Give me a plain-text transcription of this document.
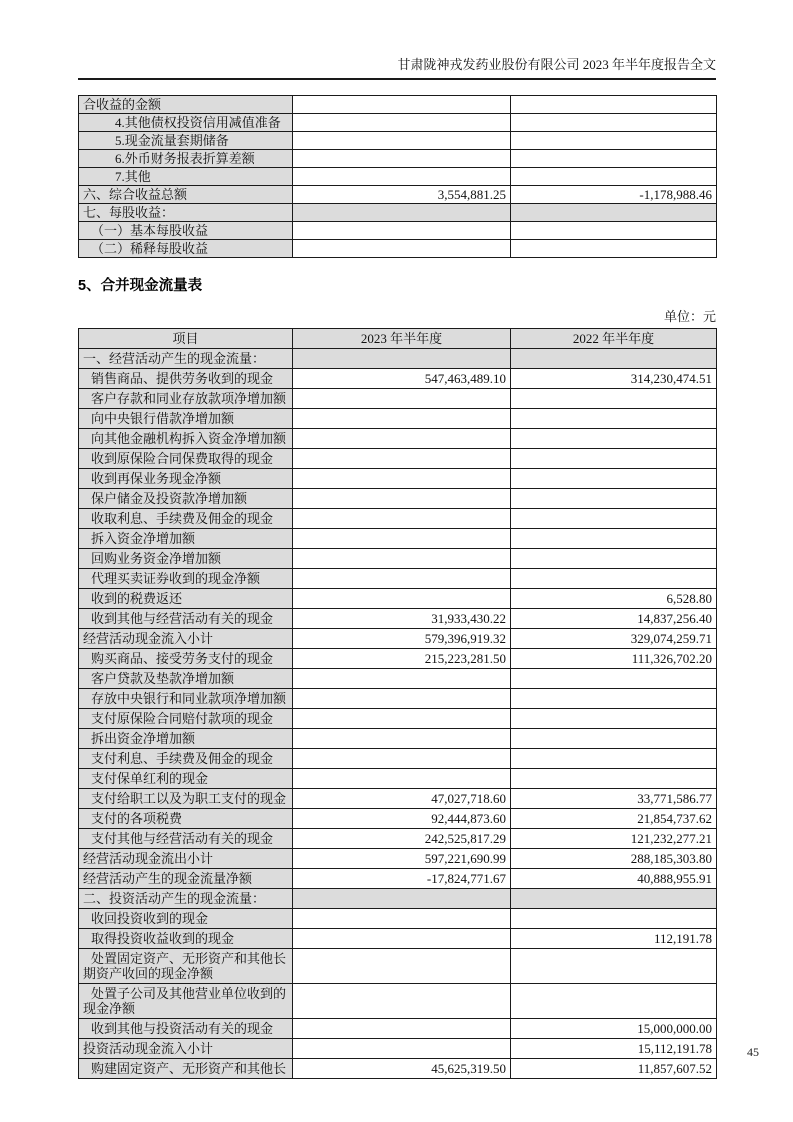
甘肃陇神戎发药业股份有限公司 2023 年半年度报告全文
合收益的金额		
4.其他债权投资信用减值准备		
5.现金流量套期储备		
6.外币财务报表折算差额		
7.其他		
六、综合收益总额	3,554,881.25	-1,178,988.46
七、每股收益：		
（一）基本每股收益		
（二）稀释每股收益		
5、合并现金流量表
单位：元
项目	2023 年半年度	2022 年半年度
一、经营活动产生的现金流量：		
销售商品、提供劳务收到的现金	547,463,489.10	314,230,474.51
客户存款和同业存放款项净增加额		
向中央银行借款净增加额		
向其他金融机构拆入资金净增加额		
收到原保险合同保费取得的现金		
收到再保业务现金净额		
保户储金及投资款净增加额		
收取利息、手续费及佣金的现金		
拆入资金净增加额		
回购业务资金净增加额		
代理买卖证券收到的现金净额		
收到的税费返还		6,528.80
收到其他与经营活动有关的现金	31,933,430.22	14,837,256.40
经营活动现金流入小计	579,396,919.32	329,074,259.71
购买商品、接受劳务支付的现金	215,223,281.50	111,326,702.20
客户贷款及垫款净增加额		
存放中央银行和同业款项净增加额		
支付原保险合同赔付款项的现金		
拆出资金净增加额		
支付利息、手续费及佣金的现金		
支付保单红利的现金		
支付给职工以及为职工支付的现金	47,027,718.60	33,771,586.77
支付的各项税费	92,444,873.60	21,854,737.62
支付其他与经营活动有关的现金	242,525,817.29	121,232,277.21
经营活动现金流出小计	597,221,690.99	288,185,303.80
经营活动产生的现金流量净额	-17,824,771.67	40,888,955.91
二、投资活动产生的现金流量：		
收回投资收到的现金		
取得投资收益收到的现金		112,191.78
处置固定资产、无形资产和其他长期资产收回的现金净额		
处置子公司及其他营业单位收到的现金净额		
收到其他与投资活动有关的现金		15,000,000.00
投资活动现金流入小计		15,112,191.78
购建固定资产、无形资产和其他长	45,625,319.50	11,857,607.52
45
